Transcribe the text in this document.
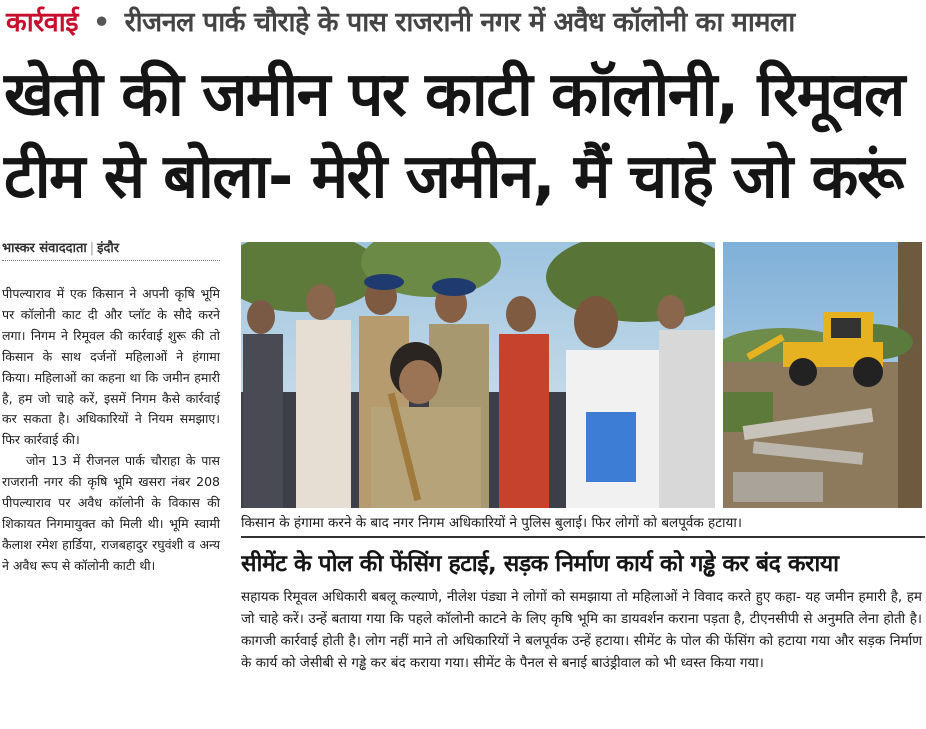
कार्रवाई • रीजनल पार्क चौराहे के पास राजरानी नगर में अवैध कॉलोनी का मामला
खेती की जमीन पर काटी कॉलोनी, रिमूवल
टीम से बोला- मेरी जमीन, मैं चाहे जो करूं
भास्कर संवाददाता | इंदौर

पीपल्याराव में एक किसान ने अपनी कृषि भूमि पर कॉलोनी काट दी और प्लॉट के सौदे करने लगा। निगम ने रिमूवल की कार्रवाई शुरू की तो किसान के साथ दर्जनों महिलाओं ने हंगामा किया। महिलाओं का कहना था कि जमीन हमारी है, हम जो चाहे करें, इसमें निगम कैसे कार्रवाई कर सकता है। अधिकारियों ने नियम समझाए। फिर कार्रवाई की।

जोन 13 में रीजनल पार्क चौराहा के पास राजरानी नगर की कृषि भूमि खसरा नंबर 208 पीपल्याराव पर अवैध कॉलोनी के विकास की शिकायत निगमायुक्त को मिली थी। भूमि स्वामी कैलाश रमेश हार्डिया, राजबहादुर रघुवंशी व अन्य ने अवैध रूप से कॉलोनी काटी थी।

किसान के हंगामा करने के बाद नगर निगम अधिकारियों ने पुलिस बुलाई। फिर लोगों को बलपूर्वक हटाया।
सीमेंट के पोल की फेंसिंग हटाई, सड़क निर्माण कार्य को गड्ढे कर बंद कराया

सहायक रिमूवल अधिकारी बबलू कल्याणे, नीलेश पंड्या ने लोगों को समझाया तो महिलाओं ने विवाद करते हुए कहा- यह जमीन हमारी है, हम जो चाहे करें। उन्हें बताया गया कि पहले कॉलोनी काटने के लिए कृषि भूमि का डायवर्शन कराना पड़ता है, टीएनसीपी से अनुमति लेना होती है। कागजी कार्रवाई होती है। लोग नहीं माने तो अधिकारियों ने बलपूर्वक उन्हें हटाया। सीमेंट के पोल की फेंसिंग को हटाया गया और सड़क निर्माण के कार्य को जेसीबी से गड्ढे कर बंद कराया गया। सीमेंट के पैनल से बनाई बाउंड्रीवाल को भी ध्वस्त किया गया।
